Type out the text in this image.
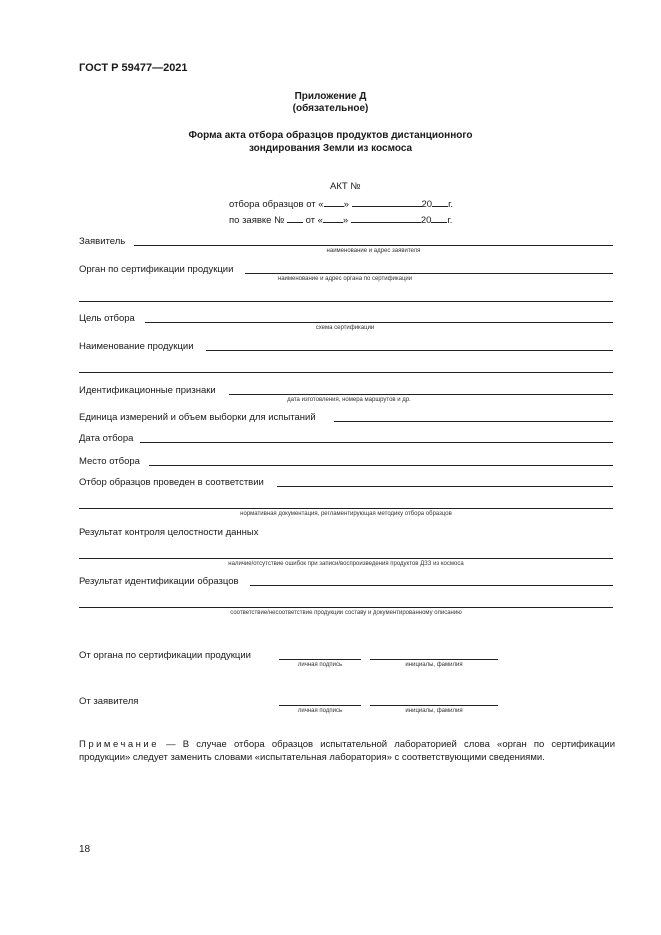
ГОСТ Р 59477—2021
Приложение Д
(обязательное)
Форма акта отбора образцов продуктов дистанционного
зондирования Земли из космоса
АКТ №
отбора образцов от « »	20 г.
по заявке № от « »	20 г.
Заявитель
наименование и адрес заявителя
Орган по сертификации продукции
наименование и адрес органа по сертификации
Цель отбора
схема сертификации
Наименование продукции
Идентификационные признаки
дата изготовления, номера маршрутов и др.
Единица измерений и объем выборки для испытаний
Дата отбора
Место отбора
Отбор образцов проведен в соответствии
нормативная документация, регламентирующая методику отбора образцов
Результат контроля целостности данных
наличие/отсутствие ошибок при записи/воспроизведения продуктов ДЗЗ из космоса
Результат идентификации образцов
соответствие/несоответствие продукции составу и документированному описанию
От органа по сертификации продукции
личная подпись	инициалы, фамилия
От заявителя
личная подпись	инициалы, фамилия
Примечание — В случае отбора образцов испытательной лабораторией слова «орган по сертификации продукции» следует заменить словами «испытательная лаборатория» с соответствующими сведениями.
18
